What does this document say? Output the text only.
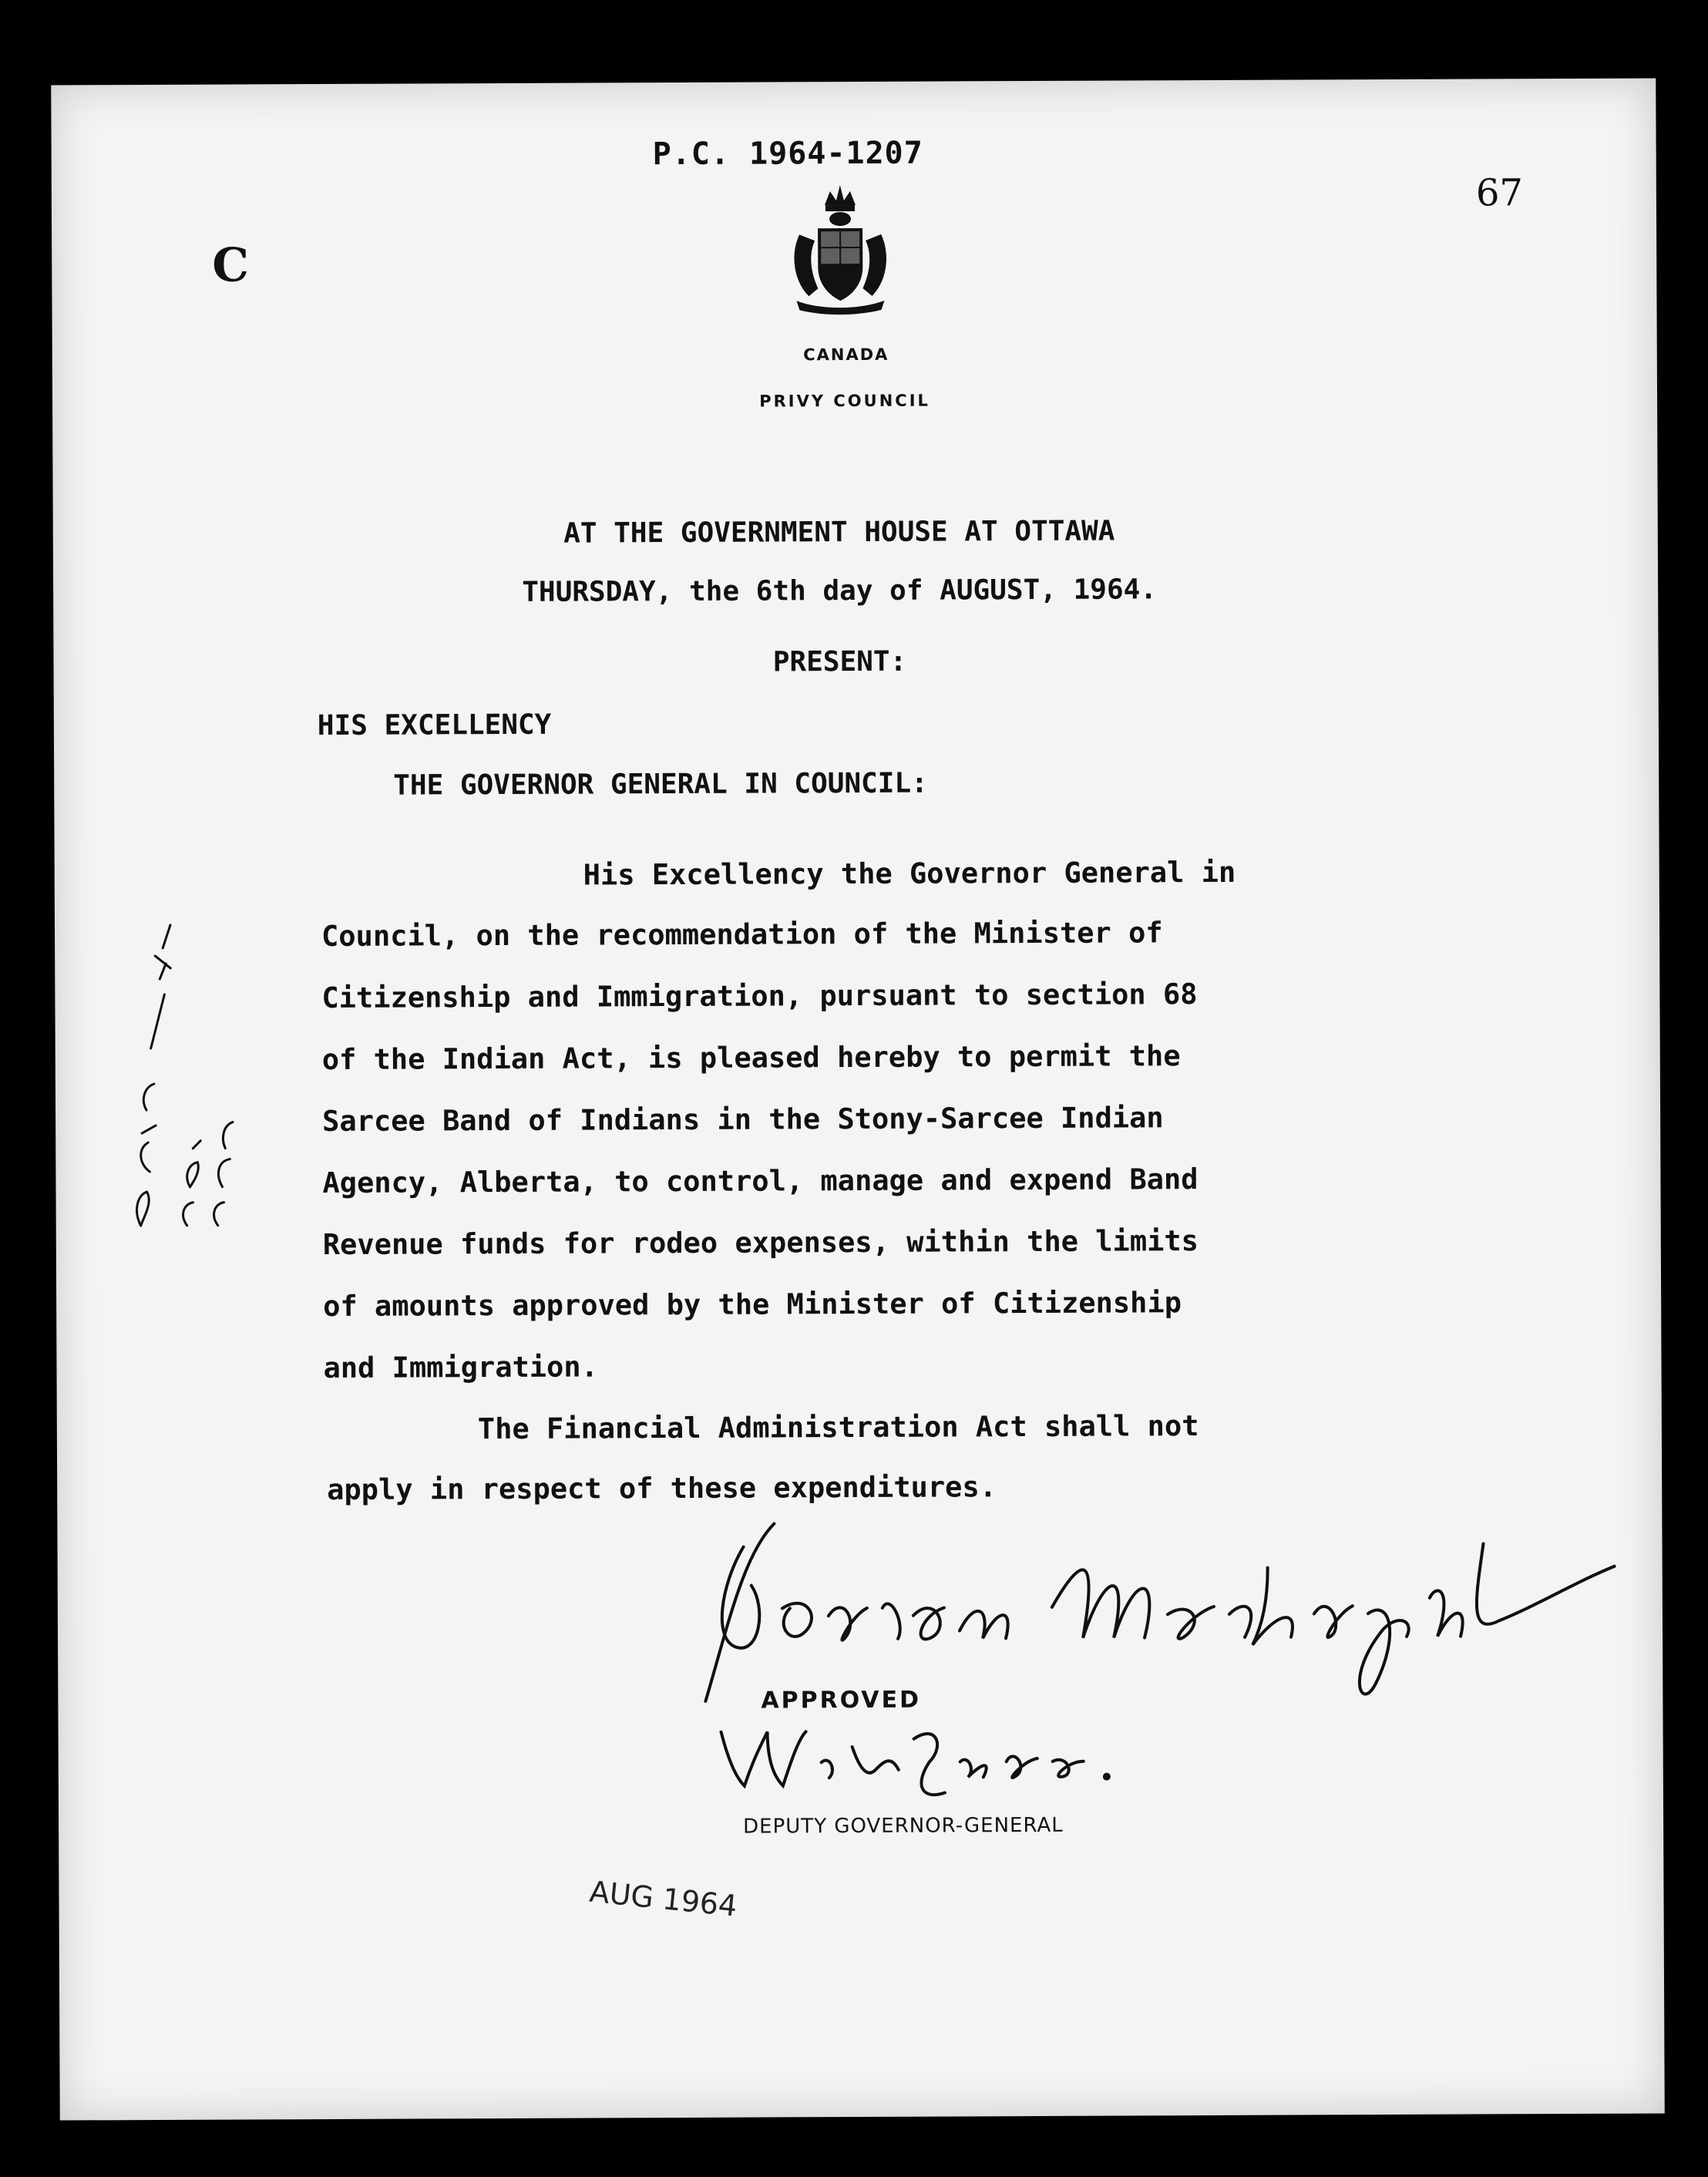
P.C. 1964-1207
67
C
CANADA
PRIVY COUNCIL
AT THE GOVERNMENT HOUSE AT OTTAWA
THURSDAY, the 6th day of AUGUST, 1964.
PRESENT:
HIS EXCELLENCY
THE GOVERNOR GENERAL IN COUNCIL:
His Excellency the Governor General in
Council, on the recommendation of the Minister of
Citizenship and Immigration, pursuant to section 68
of the Indian Act, is pleased hereby to permit the
Sarcee Band of Indians in the Stony-Sarcee Indian
Agency, Alberta, to control, manage and expend Band
Revenue funds for rodeo expenses, within the limits
of amounts approved by the Minister of Citizenship
and Immigration.
The Financial Administration Act shall not
apply in respect of these expenditures.
APPROVED
DEPUTY GOVERNOR-GENERAL
AUG 1964
